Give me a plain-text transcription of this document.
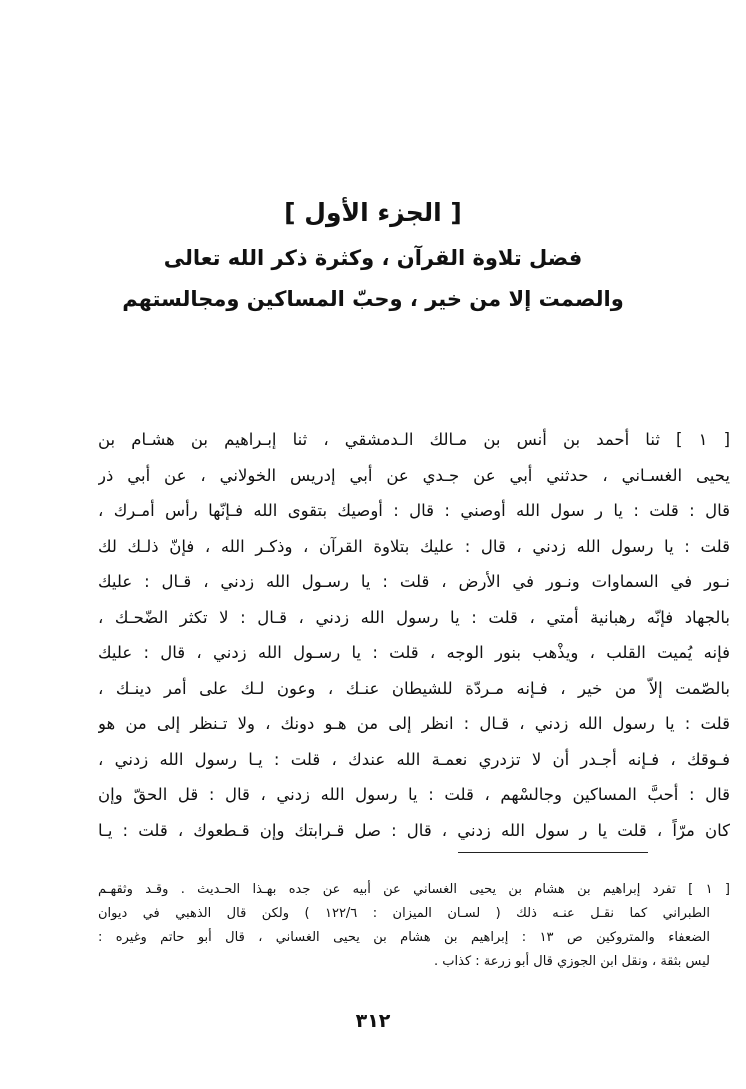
[ الجزء الأول ]
فضل تلاوة القرآن ، وكثرة ذكر الله تعالى
والصمت إلا من خير ، وحبّ المساكين ومجالستهم
[ ١ ] ثنا أحمد بن أنس بن مـالك الـدمشقي ، ثنا إبـراهيم بن هشـام بن
يحيى الغسـاني ، حدثني أبي عن جـدي عن أبي إدريس الخولاني ، عن أبي ذر
قال : قلت : يا ر سول الله أوصني : قال : أوصيك بتقوى الله فـإنّها رأس أمـرك ،
قلت : يا رسول الله زدني ، قال : عليك بتلاوة القرآن ، وذكـر الله ، فإنّ ذلـك لك
نـور في السماوات ونـور في الأرض ، قلت : يا رسـول الله زدني ، قـال : عليك
بالجهاد فإنّه رهبانية أمتي ، قلت : يا رسول الله زدني ، قـال : لا تكثر الضّحـك ،
فإنه يُميت القلب ، ويذْهب بنور الوجه ، قلت : يا رسـول الله زدني ، قال : عليك
بالصّمت إلاّ من خير ، فـإنه مـردّة للشيطان عنـك ، وعون لـك على أمر دينـك ،
قلت : يا رسول الله زدني ، قـال : انظر إلى من هـو دونك ، ولا تـنظر إلى من هو
فـوقك ، فـإنه أجـدر أن لا تزدري نعمـة الله عندك ، قلت : يـا رسول الله زدني ،
قال : أحبَّ المساكين وجالسْهم ، قلت : يا رسول الله زدني ، قال : قل الحقّ وإن
كان مرّاً ، قلت يا ر سول الله زدني ، قال : صل قـرابتك وإن قـطعوك ، قلت : يـا
[ ١ ] تفرد إبراهيم بن هشام بن يحيى الغساني عن أبيه عن جده بهـذا الحـديث . وقـد وثقهـم
الطبراني كما نقـل عنـه ذلك ( لسـان الميزان : ١٢٢/٦ ) ولكن قال الذهبي في ديوان
الضعفاء والمتروكين ص ١٣ : إبراهيم بن هشام بن يحيى الغساني ، قال أبو حاتم وغيره :
ليس بثقة ، ونقل ابن الجوزي قال أبو زرعة : كذاب .
٣١٢
